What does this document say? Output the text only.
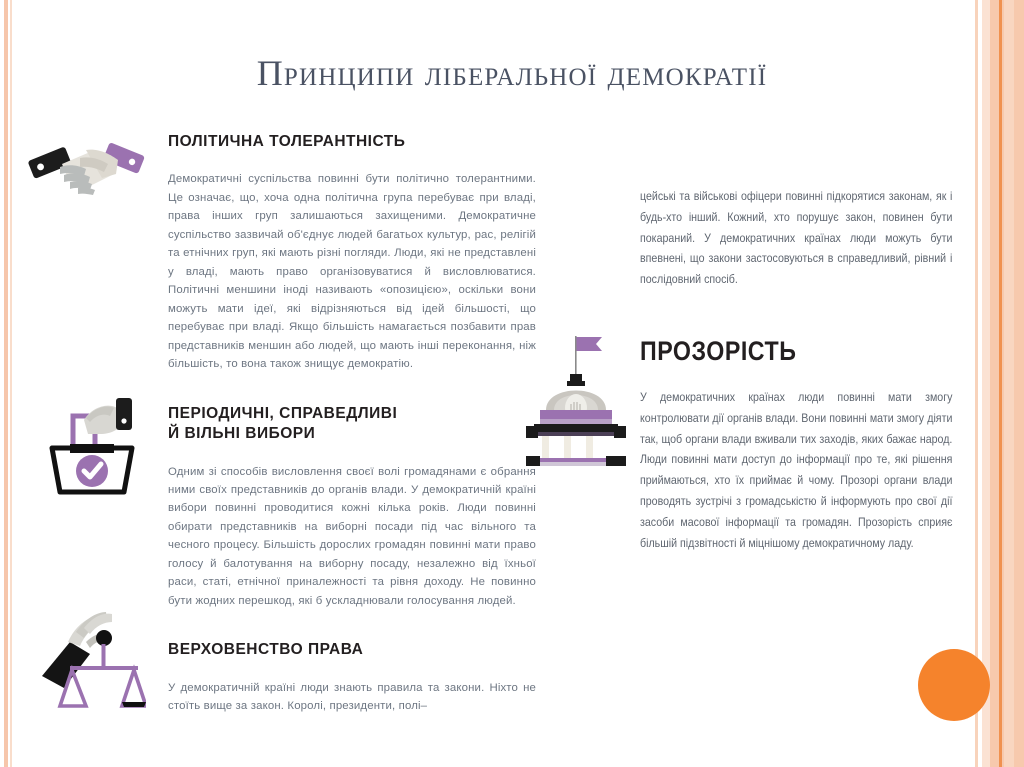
Принципи ліберальної демократії
ПОЛІТИЧНА ТОЛЕРАНТНІСТЬ

Демократичні суспільства повинні бути політично толерантними. Це означає, що, хоча одна політична група перебуває при владі, права інших груп залишаються захищеними. Демократичне суспільство зазвичай об'єднує людей багатьох культур, рас, релігій та етнічних груп, які мають різні погляди. Люди, які не представлені у владі, мають право організовуватися й висловлюватися. Політичні меншини іноді називають «опозицією», оскільки вони можуть мати ідеї, які відрізняються від ідей більшості, що перебуває при владі. Якщо більшість намагається позбавити прав представників меншин або людей, що мають інші переконання, ніж більшість, то вона також знищує демократію.

ПЕРІОДИЧНІ, СПРАВЕДЛИВІ
Й ВІЛЬНІ ВИБОРИ

Одним зі способів висловлення своєї волі громадянами є обрання ними своїх представників до органів влади. У демократичній країні вибори повинні проводитися кожні кілька років. Люди повинні обирати представників на виборні посади під час вільного та чесного процесу. Більшість дорослих громадян повинні мати право голосу й балотування на виборну посаду, незалежно від їхньої раси, статі, етнічної приналежності та рівня доходу. Не повинно бути жодних перешкод, які б ускладнювали голосування людей.

ВЕРХОВЕНСТВО ПРАВА

У демократичній країні люди знають правила та закони. Ніхто не стоїть вище за закон. Королі, президенти, полі–

цейські та військові офіцери повинні підкорятися законам, як і будь-хто інший. Кожний, хто порушує закон, повинен бути покараний. У демократичних країнах люди можуть бути впевнені, що закони застосовуються в справедливий, рівний і послідовний спосіб.

ПРОЗОРІСТЬ

У демократичних країнах люди повинні мати змогу контролювати дії органів влади. Вони повинні мати змогу діяти так, щоб органи влади вживали тих заходів, яких бажає народ. Люди повинні мати доступ до інформації про те, які рішення приймаються, хто їх приймає й чому. Прозорі органи влади проводять зустрічі з громадськістю й інформують про свої дії засоби масової інформації та громадян. Прозорість сприяє більшій підзвітності й міцнішому демократичному ладу.
